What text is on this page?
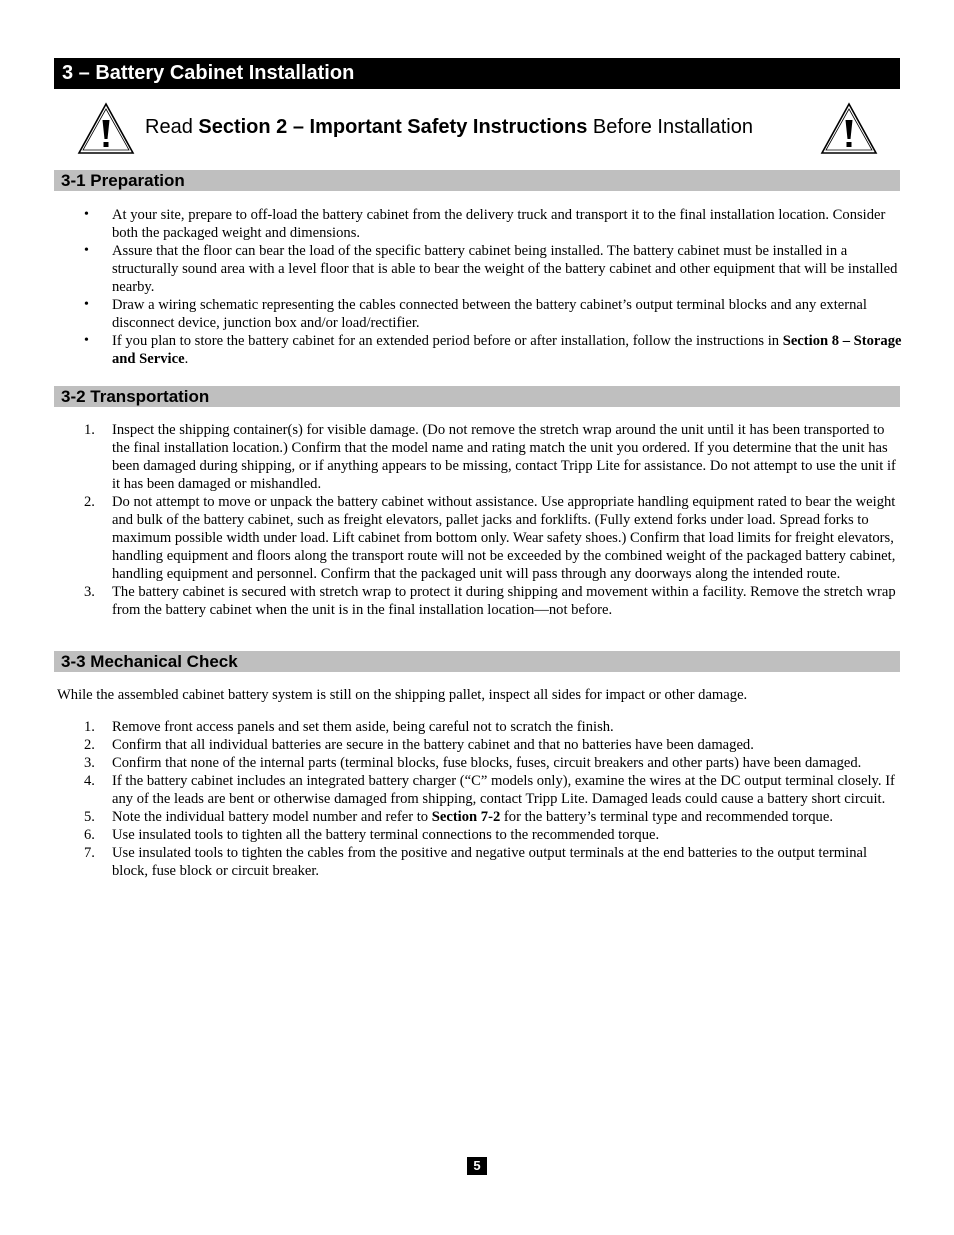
3 – Battery Cabinet Installation
Read Section 2 – Important Safety Instructions Before Installation
3-1 Preparation
•	At your site, prepare to off-load the battery cabinet from the delivery truck and transport it to the final installation location. Consider both the packaged weight and dimensions.
•	Assure that the floor can bear the load of the specific battery cabinet being installed. The battery cabinet must be installed in a structurally sound area with a level floor that is able to bear the weight of the battery cabinet and other equipment that will be installed nearby.
•	Draw a wiring schematic representing the cables connected between the battery cabinet’s output terminal blocks and any external disconnect device, junction box and/or load/rectifier.
•	If you plan to store the battery cabinet for an extended period before or after installation, follow the instructions in Section 8 – Storage and Service.
3-2 Transportation
1.	Inspect the shipping container(s) for visible damage. (Do not remove the stretch wrap around the unit until it has been transported to the final installation location.) Confirm that the model name and rating match the unit you ordered. If you determine that the unit has been damaged during shipping, or if anything appears to be missing, contact Tripp Lite for assistance. Do not attempt to use the unit if it has been damaged or mishandled.
2.	Do not attempt to move or unpack the battery cabinet without assistance. Use appropriate handling equipment rated to bear the weight and bulk of the battery cabinet, such as freight elevators, pallet jacks and forklifts. (Fully extend forks under load. Spread forks to maximum possible width under load. Lift cabinet from bottom only. Wear safety shoes.) Confirm that load limits for freight elevators, handling equipment and floors along the transport route will not be exceeded by the combined weight of the packaged battery cabinet, handling equipment and personnel. Confirm that the packaged unit will pass through any doorways along the intended route.
3.	The battery cabinet is secured with stretch wrap to protect it during shipping and movement within a facility. Remove the stretch wrap from the battery cabinet when the unit is in the final installation location—not before.
3-3 Mechanical Check
While the assembled cabinet battery system is still on the shipping pallet, inspect all sides for impact or other damage.
1.	Remove front access panels and set them aside, being careful not to scratch the finish.
2.	Confirm that all individual batteries are secure in the battery cabinet and that no batteries have been damaged.
3.	Confirm that none of the internal parts (terminal blocks, fuse blocks, fuses, circuit breakers and other parts) have been damaged.
4.	If the battery cabinet includes an integrated battery charger (“C” models only), examine the wires at the DC output terminal closely. If any of the leads are bent or otherwise damaged from shipping, contact Tripp Lite. Damaged leads could cause a battery short circuit.
5.	Note the individual battery model number and refer to Section 7-2 for the battery’s terminal type and recommended torque.
6.	Use insulated tools to tighten all the battery terminal connections to the recommended torque.
7.	Use insulated tools to tighten the cables from the positive and negative output terminals at the end batteries to the output terminal block, fuse block or circuit breaker.
5
